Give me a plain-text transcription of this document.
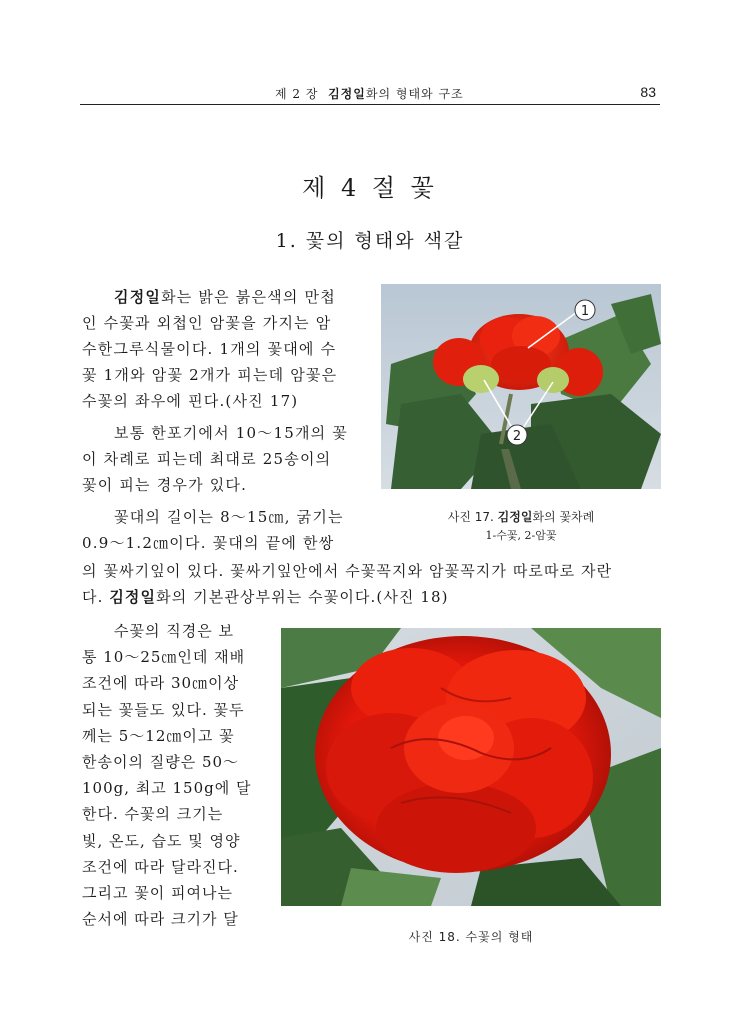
제 2 장 김정일화의 형태와 구조	83
제 4 절 꽃
1. 꽃의 형태와 색갈

김정일화는 밝은 붉은색의 만첩
인 수꽃과 외첩인 암꽃을 가지는 암
수한그루식물이다. 1개의 꽃대에 수
꽃 1개와 암꽃 2개가 피는데 암꽃은
수꽃의 좌우에 핀다.(사진 17)

보통 한포기에서 10～15개의 꽃
이 차례로 피는데 최대로 25송이의
꽃이 피는 경우가 있다.

꽃대의 길이는 8～15㎝, 굵기는
0.9～1.2㎝이다. 꽃대의 끝에 한쌍

의 꽃싸기잎이 있다. 꽃싸기잎안에서 수꽃꼭지와 암꽃꼭지가 따로따로 자란
다. 김정일화의 기본관상부위는 수꽃이다.(사진 18)

수꽃의 직경은 보
통 10～25㎝인데 재배
조건에 따라 30㎝이상
되는 꽃들도 있다. 꽃두
께는 5～12㎝이고 꽃
한송이의 질량은 50～
100g, 최고 150g에 달
한다. 수꽃의 크기는
빛, 온도, 습도 및 영양
조건에 따라 달라진다.
그리고 꽃이 피여나는
순서에 따라 크기가 달

1
2
사진 17. 김정일화의 꽃차례
1-수꽃, 2-암꽃
사진 18. 수꽃의 형태
